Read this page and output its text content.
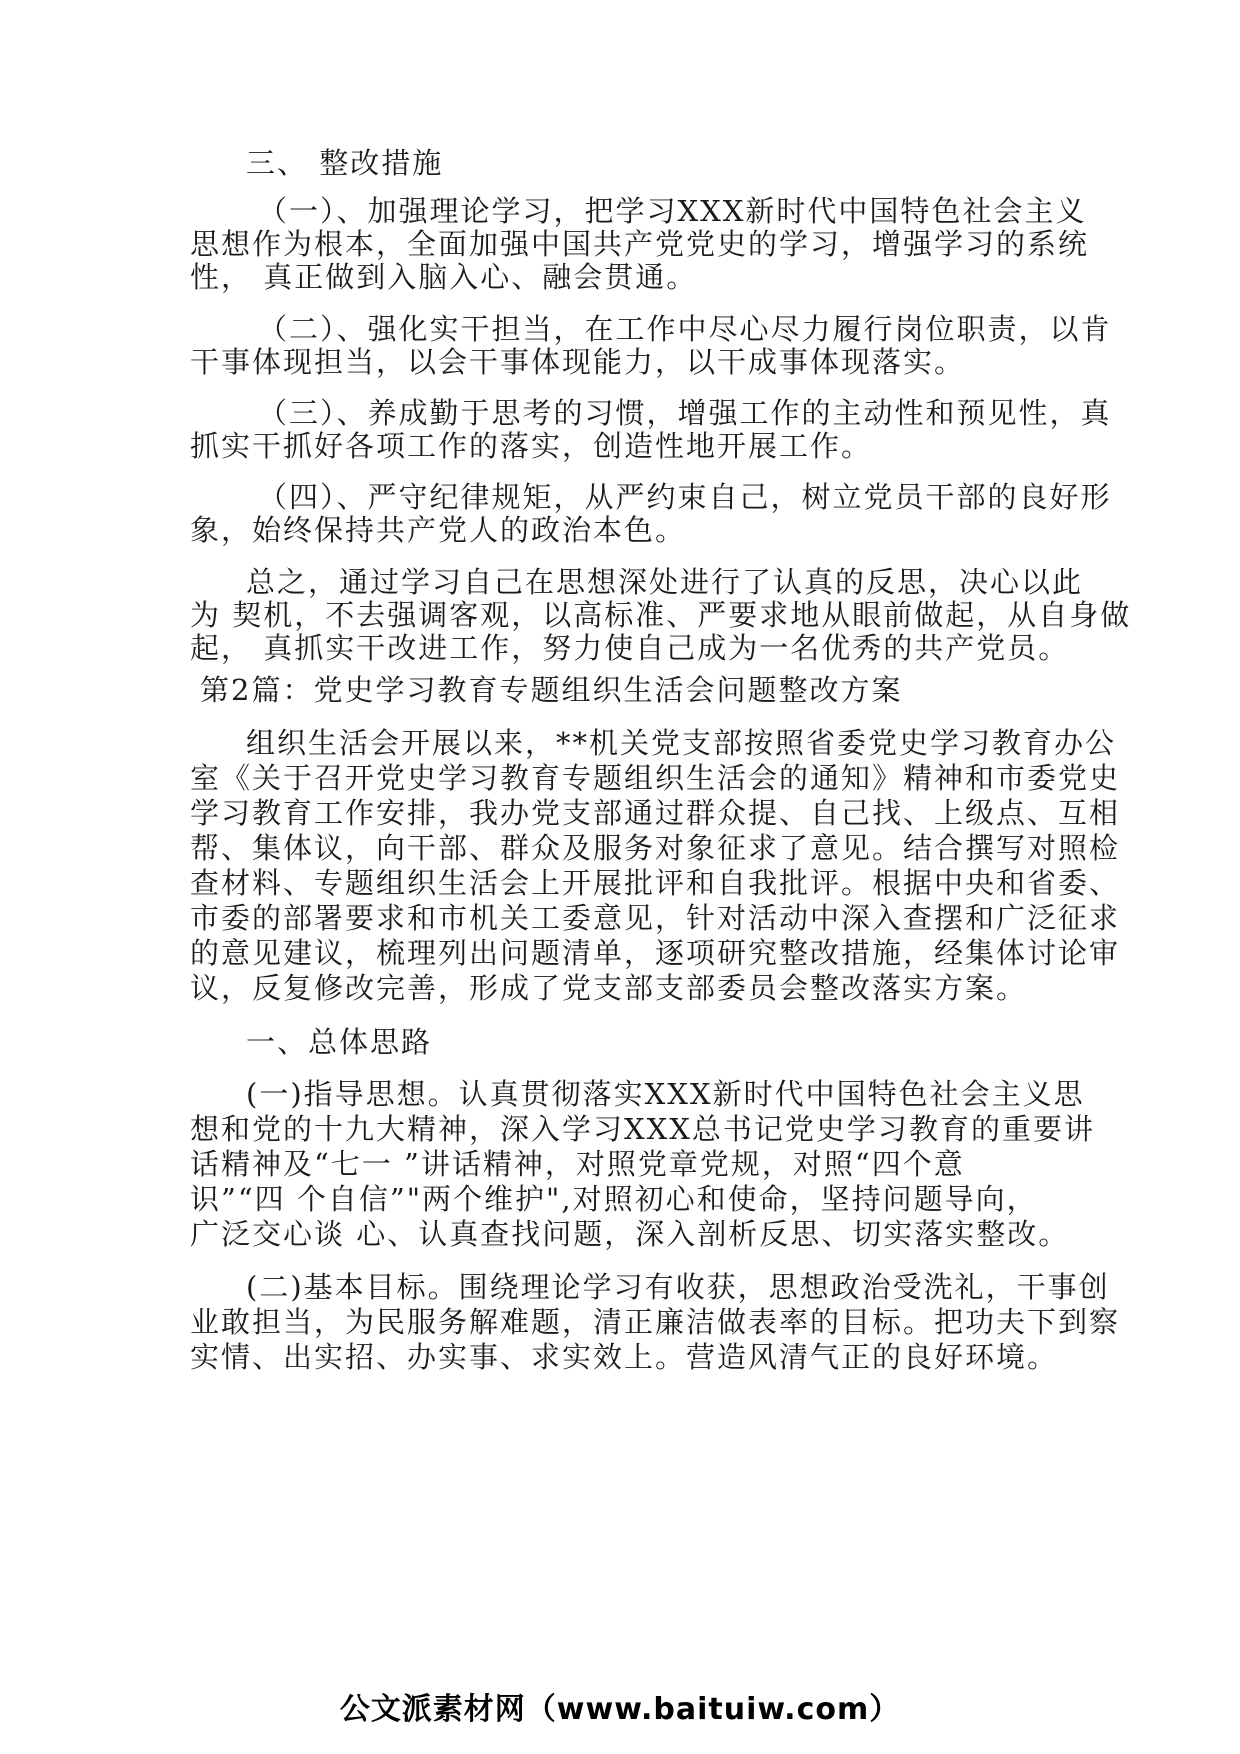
三、 整改措施
（一）、加强理论学习，把学习XXX新时代中国特色社会主义
思想作为根本，全面加强中国共产党党史的学习，增强学习的系统
性， 真正做到入脑入心、融会贯通。
（二）、强化实干担当，在工作中尽心尽力履行岗位职责，以肯
干事体现担当，以会干事体现能力，以干成事体现落实。
（三）、养成勤于思考的习惯，增强工作的主动性和预见性，真
抓实干抓好各项工作的落实，创造性地开展工作。
（四）、严守纪律规矩，从严约束自己，树立党员干部的良好形
象，始终保持共产党人的政治本色。
总之，通过学习自己在思想深处进行了认真的反思，决心以此
为 契机，不去强调客观，以高标准、严要求地从眼前做起，从自身做
起， 真抓实干改进工作，努力使自己成为一名优秀的共产党员。
第2篇：党史学习教育专题组织生活会问题整改方案
组织生活会开展以来，**机关党支部按照省委党史学习教育办公
室《关于召开党史学习教育专题组织生活会的通知》精神和市委党史
学习教育工作安排，我办党支部通过群众提、自己找、上级点、互相
帮、集体议，向干部、群众及服务对象征求了意见。结合撰写对照检
查材料、专题组织生活会上开展批评和自我批评。根据中央和省委、
市委的部署要求和市机关工委意见，针对活动中深入查摆和广泛征求
的意见建议，梳理列出问题清单，逐项研究整改措施，经集体讨论审
议，反复修改完善，形成了党支部支部委员会整改落实方案。
一、总体思路
(一)指导思想。认真贯彻落实XXX新时代中国特色社会主义思
想和党的十九大精神，深入学习XXX总书记党史学习教育的重要讲
话精神及“七一 ”讲话精神，对照党章党规，对照“四个意
识”“四 个自信”"两个维护",对照初心和使命，坚持问题导向，
广泛交心谈 心、认真查找问题，深入剖析反思、切实落实整改。
(二)基本目标。围绕理论学习有收获，思想政治受洗礼，干事创
业敢担当，为民服务解难题，清正廉洁做表率的目标。把功夫下到察
实情、出实招、办实事、求实效上。营造风清气正的良好环境。
公文派素材网（www.baituiw.com）
